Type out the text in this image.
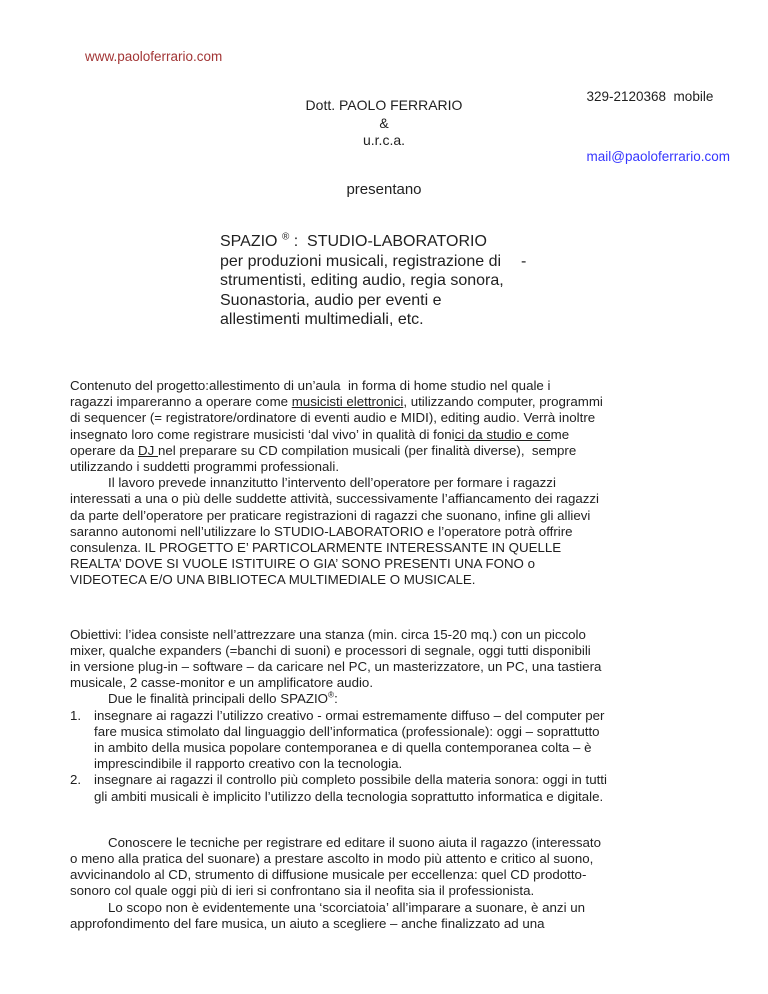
www.paoloferrario.com

329-2120368  mobile

mail@paoloferrario.com

Dott. PAOLO FERRARIO
&
u.r.c.a.
presentano
SPAZIO ® :  STUDIO-LABORATORIO
per produzioni musicali, registrazione di -
strumentisti, editing audio, regia sonora,
Suonastoria, audio per eventi e
allestimenti multimediali, etc.
Contenuto del progetto:allestimento di un’aula  in forma di home studio nel quale i
ragazzi impareranno a operare come musicisti elettronici, utilizzando computer, programmi
di sequencer (= registratore/ordinatore di eventi audio e MIDI), editing audio. Verrà inoltre
insegnato loro come registrare musicisti ‘dal vivo’ in qualità di fonici da studio e come
operare da DJ nel preparare su CD compilation musicali (per finalità diverse),  sempre
utilizzando i suddetti programmi professionali.
Il lavoro prevede innanzitutto l’intervento dell’operatore per formare i ragazzi
interessati a una o più delle suddette attività, successivamente l’affiancamento dei ragazzi
da parte dell’operatore per praticare registrazioni di ragazzi che suonano, infine gli allievi
saranno autonomi nell’utilizzare lo STUDIO-LABORATORIO e l’operatore potrà offrire
consulenza. IL PROGETTO E’ PARTICOLARMENTE INTERESSANTE IN QUELLE
REALTA’ DOVE SI VUOLE ISTITUIRE O GIA’ SONO PRESENTI UNA FONO o
VIDEOTECA E/O UNA BIBLIOTECA MULTIMEDIALE O MUSICALE.
Obiettivi: l’idea consiste nell’attrezzare una stanza (min. circa 15-20 mq.) con un piccolo
mixer, qualche expanders (=banchi di suoni) e processori di segnale, oggi tutti disponibili
in versione plug-in – software – da caricare nel PC, un masterizzatore, un PC, una tastiera
musicale, 2 casse-monitor e un amplificatore audio.
Due le finalità principali dello SPAZIO®:
1. insegnare ai ragazzi l’utilizzo creativo - ormai estremamente diffuso – del computer per
fare musica stimolato dal linguaggio dell’informatica (professionale): oggi – soprattutto
in ambito della musica popolare contemporanea e di quella contemporanea colta – è
imprescindibile il rapporto creativo con la tecnologia.
2. insegnare ai ragazzi il controllo più completo possibile della materia sonora: oggi in tutti
gli ambiti musicali è implicito l’utilizzo della tecnologia soprattutto informatica e digitale.
Conoscere le tecniche per registrare ed editare il suono aiuta il ragazzo (interessato
o meno alla pratica del suonare) a prestare ascolto in modo più attento e critico al suono,
avvicinandolo al CD, strumento di diffusione musicale per eccellenza: quel CD prodotto-
sonoro col quale oggi più di ieri si confrontano sia il neofita sia il professionista.
Lo scopo non è evidentemente una ‘scorciatoia’ all’imparare a suonare, è anzi un
approfondimento del fare musica, un aiuto a scegliere – anche finalizzato ad una
